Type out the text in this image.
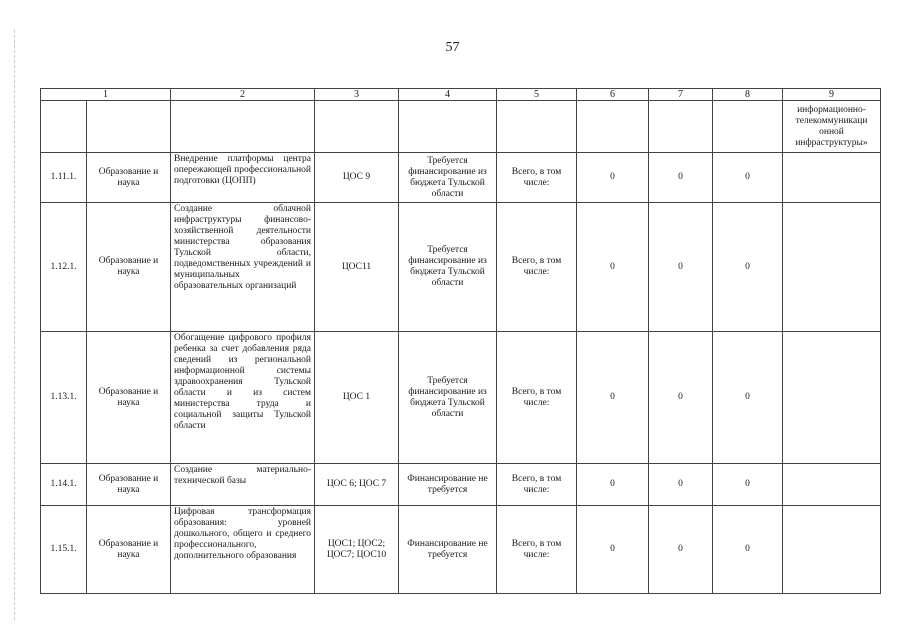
57
1		2	3	4	5	6	7	8	9
									информационно-телекоммуникаци онной инфраструктуры»
1.11.1.	Образование и наука	Внедрение платформы центра опережающей профессиональной подготовки (ЦОПП)	ЦОС 9	Требуется финансирование из бюджета Тульской области	Всего, в том числе:	0	0	0	
1.12.1.	Образование и наука	Создание облачной инфраструктуры финансово-хозяйственной деятельности министерства образования Тульской области, подведомственных учреждений и муниципальных образовательных организаций	ЦОС11	Требуется финансирование из бюджета Тульской области	Всего, в том числе:	0	0	0	
1.13.1.	Образование и наука	Обогащение цифрового профиля ребенка за счет добавления ряда сведений из региональной информационной системы здравоохранения Тульской области и из систем министерства труда и социальной защиты Тульской области	ЦОС 1	Требуется финансирование из бюджета Тульской области	Всего, в том числе:	0	0	0	
1.14.1.	Образование и наука	Создание материально-технической базы	ЦОС 6; ЦОС 7	Финансирование не требуется	Всего, в том числе:	0	0	0	
1.15.1.	Образование и наука	Цифровая трансформация образования: уровней дошкольного, общего и среднего профессионального, дополнительного образования	ЦОС1; ЦОС2; ЦОС7; ЦОС10	Финансирование не требуется	Всего, в том числе:	0	0	0	
